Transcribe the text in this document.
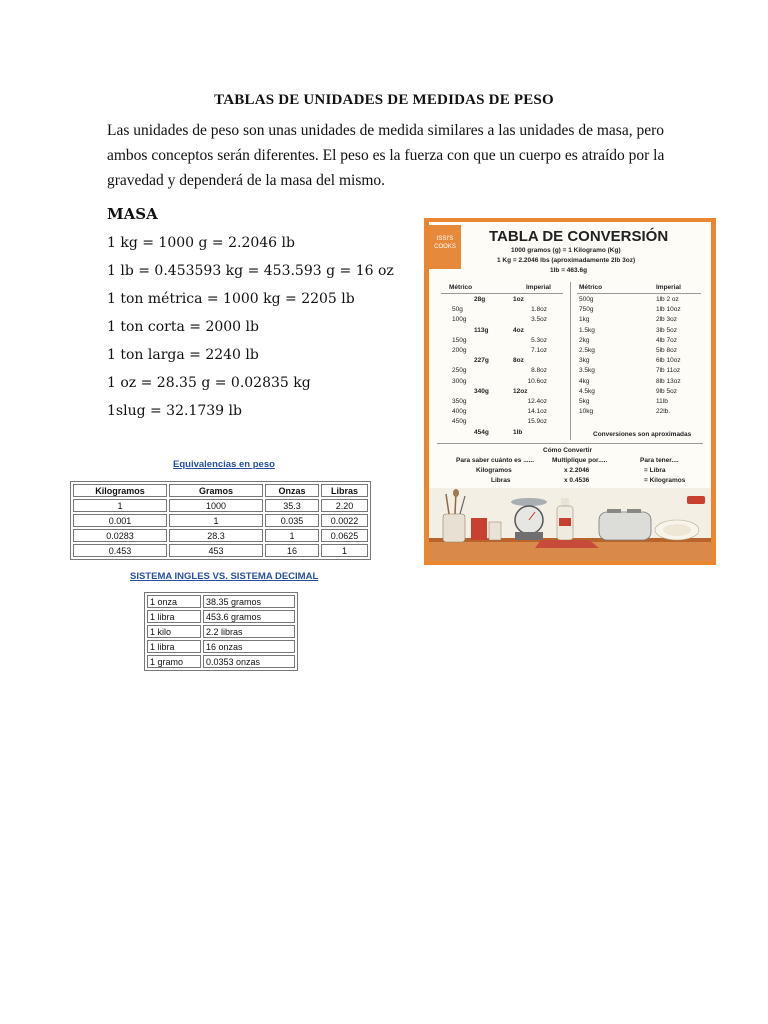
TABLAS DE UNIDADES DE MEDIDAS DE PESO
Las unidades de peso son unas unidades de medida similares a las unidades de masa, pero
ambos conceptos serán diferentes. El peso es la fuerza con que un cuerpo es atraído por la
gravedad y dependerá de la masa del mismo.
MASA
1 kg = 1000 g = 2.2046 lb
1 lb = 0.453593 kg = 453.593 g = 16 oz
1 ton métrica = 1000 kg = 2205 lb
1 ton corta = 2000 lb
1 ton larga = 2240 lb
1 oz = 28.35 g = 0.02835 kg
1slug = 32.1739 lb
Equivalencias en peso
Kilogramos	Gramos	Onzas	Libras
1	1000	35.3	2.20
0.001	1	0.035	0.0022
0.0283	28.3	1	0.0625
0.453	453	16	1
SISTEMA INGLES VS. SISTEMA DECIMAL
1 onza	38.35 gramos
1 libra	453.6 gramos
1 kilo	2.2 libras
1 libra	16 onzas
1 gramo	0.0353 onzas
ISSI'S COOKS
TABLA DE CONVERSIÓN
1000 gramos (g) = 1 Kilogramo (Kg)
1 Kg = 2.2046 lbs (aproximadamente 2lb 3oz)
1lb = 463.6g
Métrico	Imperial	Métrico	Imperial
28g	1oz
50g	1.8oz
100g	3.5oz
113g	4oz
150g	5.3oz
200g	7.1oz
227g	8oz
250g	8.8oz
300g	10.6oz
340g	12oz
350g	12.4oz
400g	14.1oz
450g	15.9oz
454g	1lb
500g	1lb 2 oz
750g	1lb 10oz
1kg	2lb 3oz
1.5kg	3lb 5oz
2kg	4lb 7oz
2.5kg	5lb 8oz
3kg	6lb 10oz
3.5kg	7lb 11oz
4kg	8lb 13oz
4.5kg	9lb 5oz
5kg	11lb
10kg	22lb.
Conversiones son aproximadas
Cómo Convertir
Para saber cuánto es ......	Multiplique por.....	Para tener....
Kilogramos	x 2.2046	= Libra
Libras	x 0.4536	= Kilogramos
